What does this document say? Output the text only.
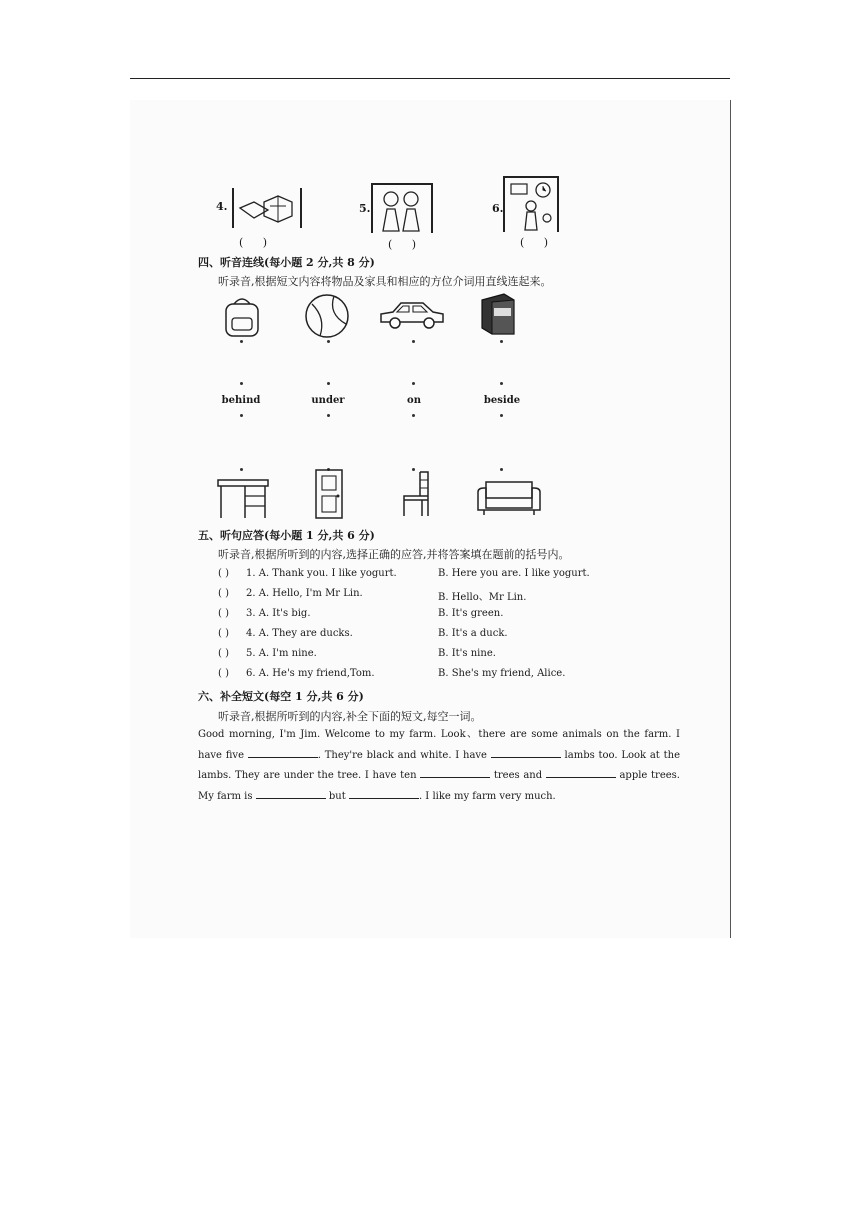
4.
( )
5.
( )
6.
( )
四、听音连线(每小题 2 分,共 8 分)
听录音,根据短文内容将物品及家具和相应的方位介词用直线连起来。
behind	under	on	beside
五、听句应答(每小题 1 分,共 6 分)
听录音,根据所听到的内容,选择正确的应答,并将答案填在题前的括号内。
( ) 1. A. Thank you. I like yogurt.	B. Here you are. I like yogurt.
( ) 2. A. Hello, I'm Mr Lin.	B. Hello、Mr Lin.
( ) 3. A. It's big.	B. It's green.
( ) 4. A. They are ducks.	B. It's a duck.
( ) 5. A. I'm nine.	B. It's nine.
( ) 6. A. He's my friend,Tom.	B. She's my friend, Alice.
六、补全短文(每空 1 分,共 6 分)
听录音,根据所听到的内容,补全下面的短文,每空一词。
Good morning, I'm Jim. Welcome to my farm. Look、there are some animals on the farm. I have five	. They're black and white. I have	lambs too. Look at the lambs. They are under the tree. I have ten	trees and	apple trees. My farm is	but	. I like my farm very much.
